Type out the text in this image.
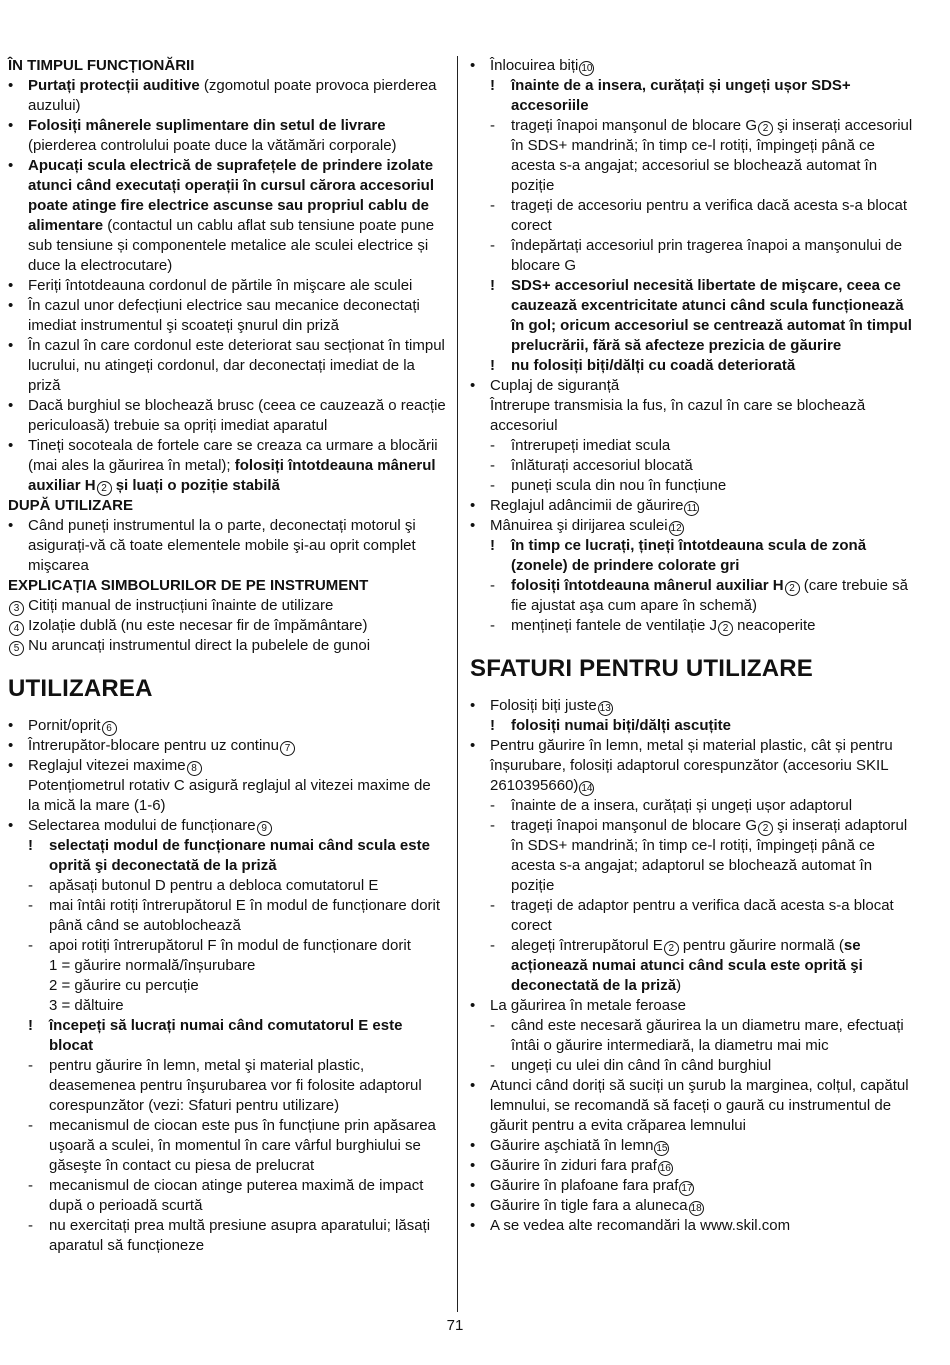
ÎN TIMPUL FUNCȚIONĂRII

• Purtați protecții auditive (zgomotul poate provoca pierderea auzului)

• Folosiți mânerele suplimentare din setul de livrare (pierderea controlului poate duce la vătămări corporale)

• Apucați scula electrică de suprafețele de prindere izolate atunci când executați operații în cursul cărora accesoriul poate atinge fire electrice ascunse sau propriul cablu de alimentare (contactul un cablu aflat sub tensiune poate pune sub tensiune și componentele metalice ale sculei electrice și duce la electrocutare)

• Feriți întotdeauna cordonul de părtile în mişcare ale sculei

• În cazul unor defecțiuni electrice sau mecanice deconectați imediat instrumentul şi scoateți şnurul din priză

• În cazul în care cordonul este deteriorat sau secționat în timpul lucrului, nu atingeți cordonul, dar deconectați imediat de la priză

• Dacă burghiul se blochează brusc (ceea ce cauzează o reacție periculoasă) trebuie sa opriți imediat aparatul

• Tineți socoteala de fortele care se creaza ca urmare a blocării (mai ales la găurirea în metal); folosiți întotdeauna mânerul auxiliar H 2 și luați o poziție stabilă

DUPĂ UTILIZARE

• Când puneți instrumentul la o parte, deconectați motorul şi asigurați-vă că toate elementele mobile şi-au oprit complet mişcarea

EXPLICAȚIA SIMBOLURILOR DE PE INSTRUMENT

3 Citiți manual de instrucțiuni înainte de utilizare

4 Izolație dublă (nu este necesar fir de împământare)

5 Nu aruncați instrumentul direct la pubelele de gunoi

UTILIZAREA

• Pornit/oprit 6

• Întrerupător-blocare pentru uz continu 7

• Reglajul vitezei maxime 8

Potențiometrul rotativ C asigură reglajul al vitezei maxime de la mică la mare (1-6)

• Selectarea modului de funcționare 9

! selectați modul de funcționare numai când scula este oprită şi deconectată de la priză

- apăsați butonul D pentru a debloca comutatorul E

- mai întâi rotiți întrerupătorul E în modul de funcționare dorit până când se autoblochează

- apoi rotiți întrerupătorul F în modul de funcționare dorit

1 = găurire normală/înșurubare

2 = găurire cu percuție

3 = dăltuire

! începeți să lucrați numai când comutatorul E este blocat

- pentru găurire în lemn, metal şi material plastic, deasemenea pentru înşurubarea vor fi folosite adaptorul corespunzător (vezi: Sfaturi pentru utilizare)

- mecanismul de ciocan este pus în funcțiune prin apăsarea uşoară a sculei, în momentul în care vârful burghiului se găseşte în contact cu piesa de prelucrat

- mecanismul de ciocan atinge puterea maximă de impact după o perioadă scurtă

- nu exercitați prea multă presiune asupra aparatului; lăsați aparatul să funcționeze

• Înlocuirea biți 10

! înainte de a insera, curățați și ungeți ușor SDS+ accesoriile

- trageți înapoi manşonul de blocare G 2 şi inserați accesoriul în SDS+ mandrină; în timp ce-l rotiți, împingeți până ce acesta s-a angajat; accesoriul se blochează automat în poziție

- trageți de accesoriu pentru a verifica dacă acesta s-a blocat corect

- îndepărtați accesoriul prin tragerea înapoi a manşonului de blocare G

! SDS+ accesoriul necesită libertate de mişcare, ceea ce cauzează excentricitate atunci când scula funcționează în gol; oricum accesoriul se centrează automat în timpul prelucrării, fără să afecteze prezicia de găurire

! nu folosiți biți/dălți cu coadă deteriorată

• Cuplaj de siguranță

Întrerupe transmisia la fus, în cazul în care se blochează accesoriul

- întrerupeți imediat scula

- înlăturați accesoriul blocată

- puneți scula din nou în funcțiune

• Reglajul adâncimii de găurire 11

• Mânuirea şi dirijarea sculei 12

! în timp ce lucrați, țineți întotdeauna scula de zonă (zonele) de prindere colorate gri

- folosiți întotdeauna mânerul auxiliar H 2 (care trebuie să fie ajustat aşa cum apare în schemă)

- mențineți fantele de ventilație J 2 neacoperite

SFATURI PENTRU UTILIZARE

• Folosiți biți juste 13

! folosiți numai biți/dălți ascuțite

• Pentru găurire în lemn, metal și material plastic, cât și pentru înșurubare, folosiți adaptorul corespunzător (accesoriu SKIL 2610395660) 14

- înainte de a insera, curățați și ungeți ușor adaptorul

- trageți înapoi manşonul de blocare G 2 şi inserați adaptorul în SDS+ mandrină; în timp ce-l rotiți, împingeți până ce acesta s-a angajat; adaptorul se blochează automat în poziție

- trageți de adaptor pentru a verifica dacă acesta s-a blocat corect

- alegeți întrerupătorul E 2 pentru găurire normală (se acționează numai atunci când scula este oprită şi deconectată de la priză)

• La găurirea în metale feroase

- când este necesară găurirea la un diametru mare, efectuați întâi o găurire intermediară, la diametru mai mic

- ungeți cu ulei din când în când burghiul

• Atunci când doriți să suciți un şurub la marginea, colțul, capătul lemnului, se recomandă să faceți o gaură cu instrumentul de găurit pentru a evita crăparea lemnului

• Găurire aşchiată în lemn 15

• Găurire în ziduri fara praf 16

• Găurire în plafoane fara praf 17

• Găurire în tigle fara a aluneca 18

• A se vedea alte recomandări la www.skil.com

71
